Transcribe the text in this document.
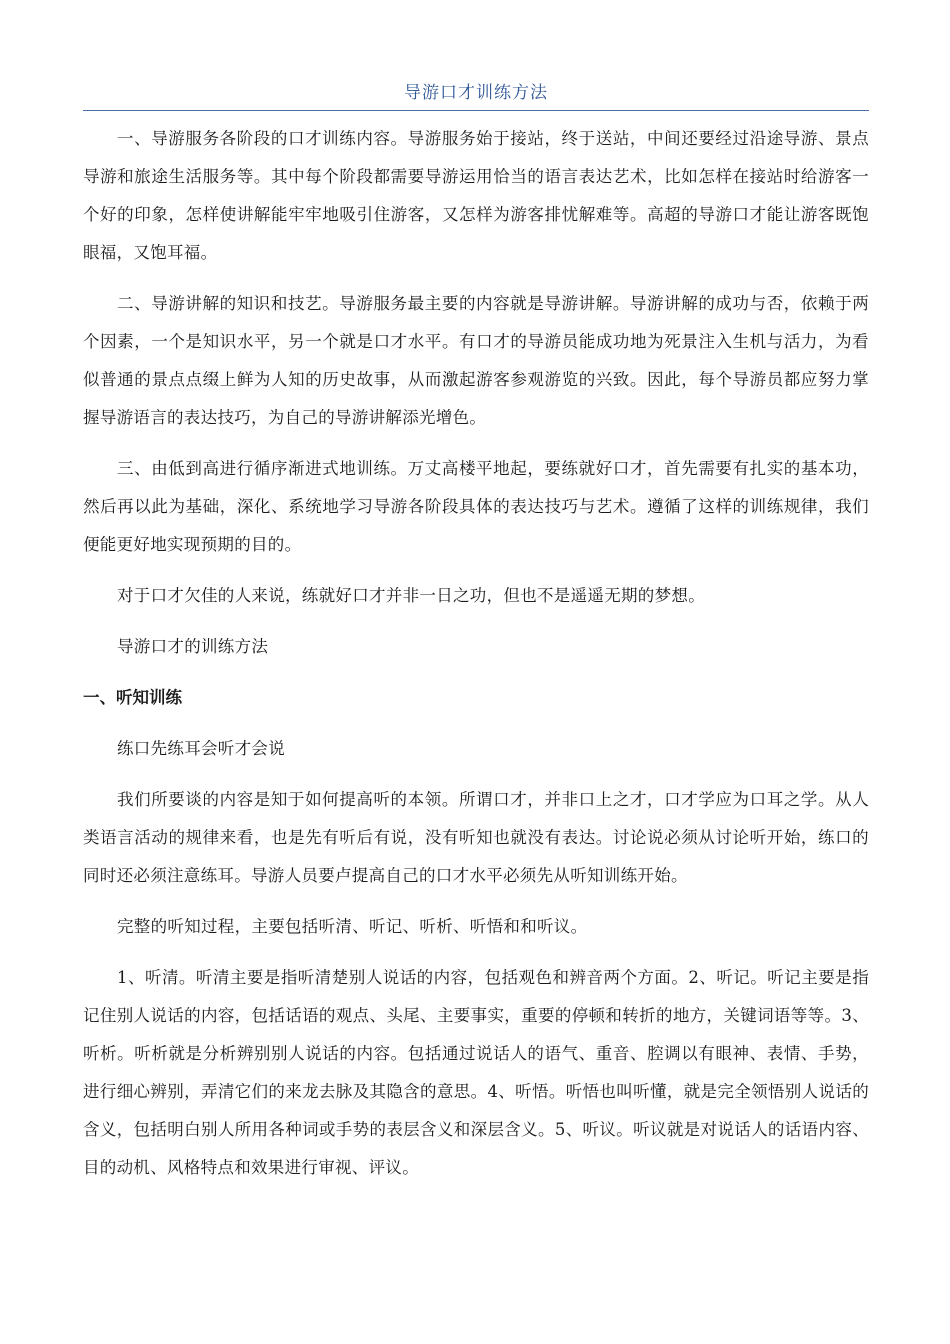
导游口才训练方法

一、导游服务各阶段的口才训练内容。导游服务始于接站，终于送站，中间还要经过沿途导游、景点导游和旅途生活服务等。其中每个阶段都需要导游运用恰当的语言表达艺术，比如怎样在接站时给游客一个好的印象，怎样使讲解能牢牢地吸引住游客，又怎样为游客排忧解难等。高超的导游口才能让游客既饱眼福，又饱耳福。

二、导游讲解的知识和技艺。导游服务最主要的内容就是导游讲解。导游讲解的成功与否，依赖于两个因素，一个是知识水平，另一个就是口才水平。有口才的导游员能成功地为死景注入生机与活力，为看似普通的景点点缀上鲜为人知的历史故事，从而激起游客参观游览的兴致。因此，每个导游员都应努力掌握导游语言的表达技巧，为自己的导游讲解添光增色。

三、由低到高进行循序渐进式地训练。万丈高楼平地起，要练就好口才，首先需要有扎实的基本功，然后再以此为基础，深化、系统地学习导游各阶段具体的表达技巧与艺术。遵循了这样的训练规律，我们便能更好地实现预期的目的。

对于口才欠佳的人来说，练就好口才并非一日之功，但也不是遥遥无期的梦想。

导游口才的训练方法

一、听知训练

练口先练耳会听才会说

我们所要谈的内容是知于如何提高听的本领。所谓口才，并非口上之才，口才学应为口耳之学。从人类语言活动的规律来看，也是先有听后有说，没有听知也就没有表达。讨论说必须从讨论听开始，练口的同时还必须注意练耳。导游人员要卢提高自己的口才水平必须先从听知训练开始。

完整的听知过程，主要包括听清、听记、听析、听悟和和听议。

1、听清。听清主要是指听清楚别人说话的内容，包括观色和辨音两个方面。2、听记。听记主要是指记住别人说话的内容，包括话语的观点、头尾、主要事实，重要的停顿和转折的地方，关键词语等等。3、听析。听析就是分析辨别别人说话的内容。包括通过说话人的语气、重音、腔调以有眼神、表情、手势，进行细心辨别，弄清它们的来龙去脉及其隐含的意思。4、听悟。听悟也叫听懂，就是完全领悟别人说话的含义，包括明白别人所用各种词或手势的表层含义和深层含义。5、听议。听议就是对说话人的话语内容、目的动机、风格特点和效果进行审视、评议。
